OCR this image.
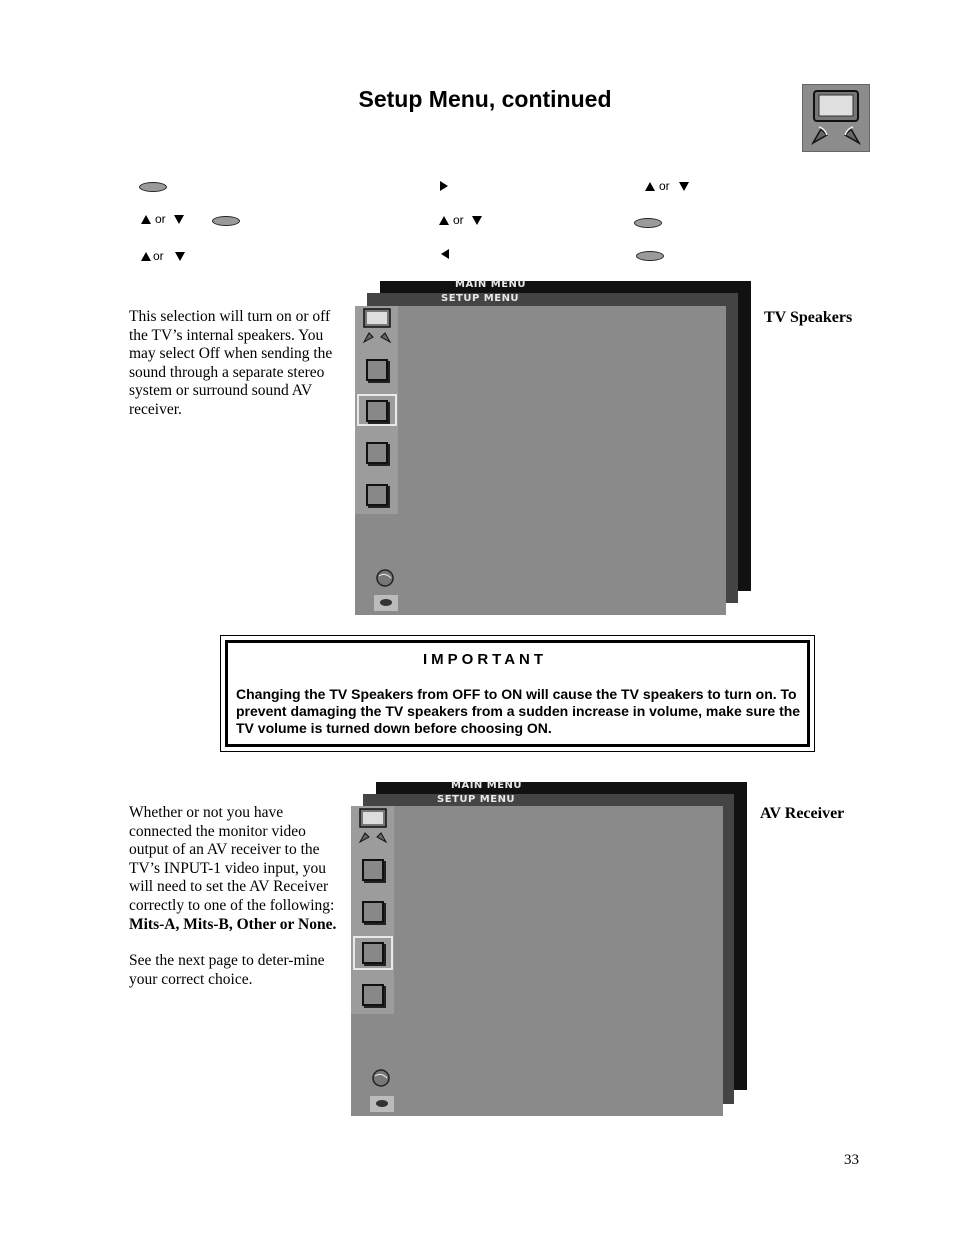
Setup Menu, continued
or
or	or
or
This selection will turn on or off the TV’s internal speakers. You may select Off when sending the sound through a separate stereo system or surround sound AV receiver.
TV Speakers
MAIN MENU
SETUP MENU
IMPORTANT
Changing the TV Speakers from OFF to ON will cause the TV speakers to turn on. To prevent damaging the TV speakers from a sudden increase in volume, make sure the TV volume is turned down before choosing ON.
Whether or not you have connected the monitor video output of an AV receiver to the TV’s INPUT-1 video input, you will need to set the AV Receiver correctly to one of the following: Mits-A, Mits-B, Other or None.
See the next page to deter-mine your correct choice.
AV Receiver
MAIN MENU
SETUP MENU
33
